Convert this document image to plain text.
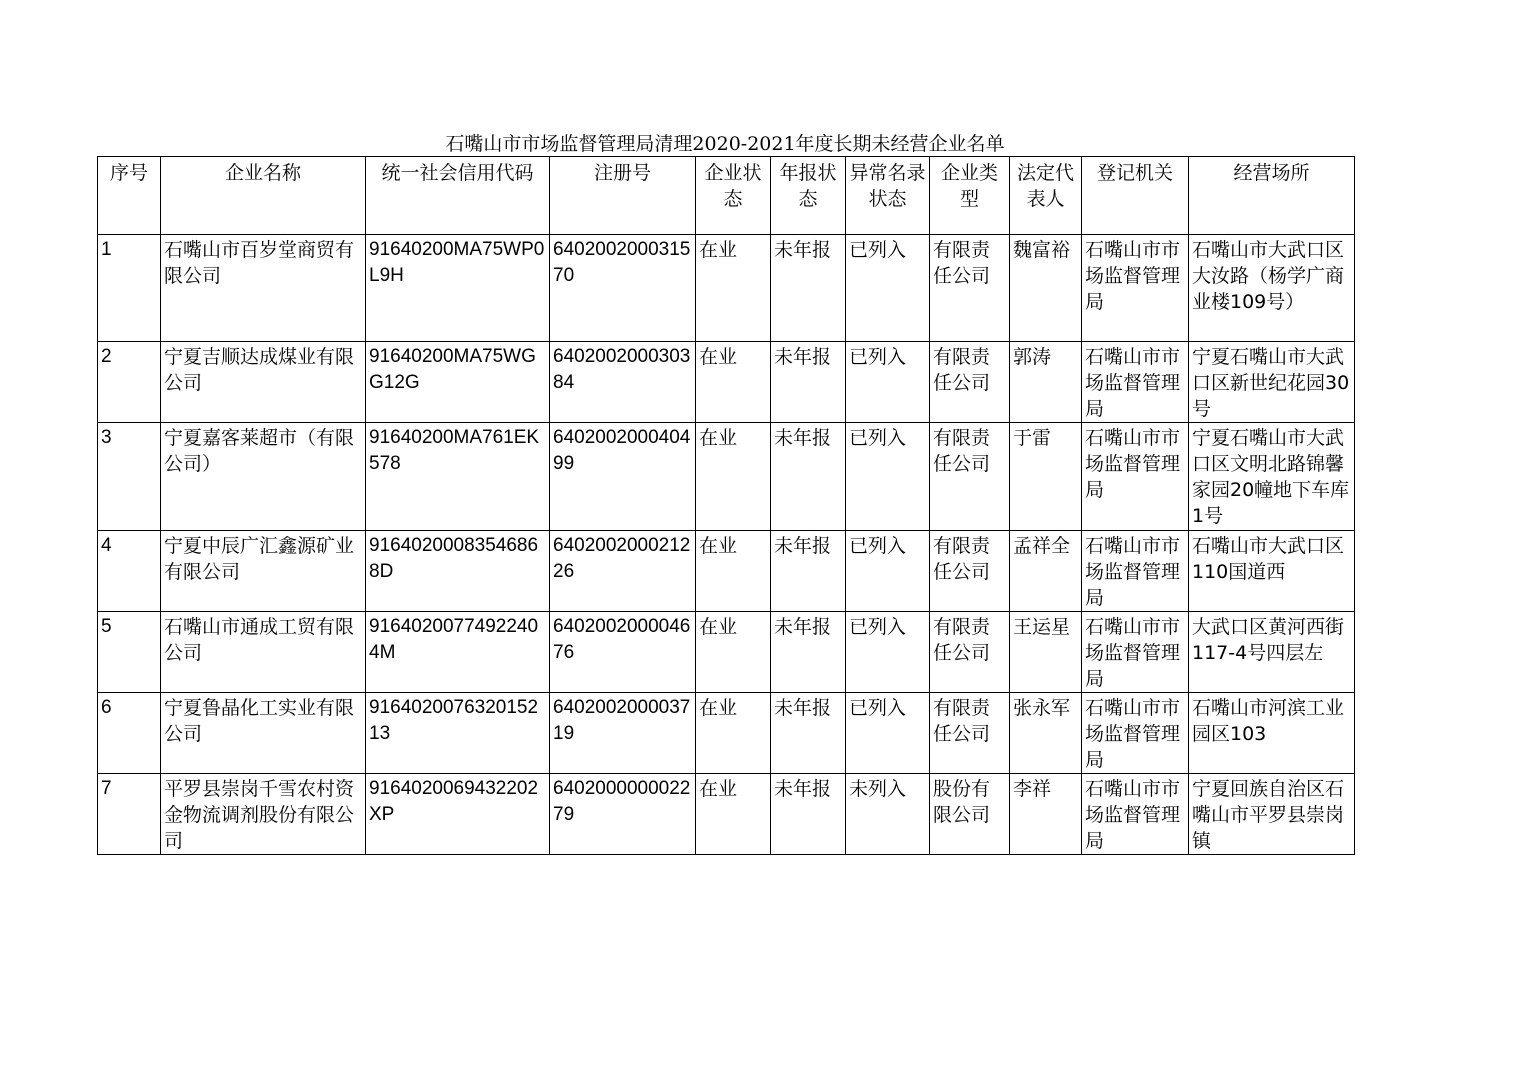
石嘴山市市场监督管理局清理2020-2021年度长期未经营企业名单
序号	企业名称	统一社会信用代码	注册号	企业状态	年报状态	异常名录状态	企业类型	法定代表人	登记机关	经营场所
1	石嘴山市百岁堂商贸有限公司	91640200MA75WP0L9H	640200200031570	在业	未年报	已列入	有限责任公司	魏富裕	石嘴山市市场监督管理局	石嘴山市大武口区大汝路（杨学广商业楼109号）
2	宁夏吉顺达成煤业有限公司	91640200MA75WGG12G	640200200030384	在业	未年报	已列入	有限责任公司	郭涛	石嘴山市市场监督管理局	宁夏石嘴山市大武口区新世纪花园30号
3	宁夏嘉客莱超市（有限公司）	91640200MA761EK578	640200200040499	在业	未年报	已列入	有限责任公司	于雷	石嘴山市市场监督管理局	宁夏石嘴山市大武口区文明北路锦馨家园20幢地下车库1号
4	宁夏中辰广汇鑫源矿业有限公司	91640200083546868D	640200200021226	在业	未年报	已列入	有限责任公司	孟祥全	石嘴山市市场监督管理局	石嘴山市大武口区110国道西
5	石嘴山市通成工贸有限公司	91640200774922404M	640200200004676	在业	未年报	已列入	有限责任公司	王运星	石嘴山市市场监督管理局	大武口区黄河西街117-4号四层左
6	宁夏鲁晶化工实业有限公司	916402007632015213	640200200003719	在业	未年报	已列入	有限责任公司	张永军	石嘴山市市场监督管理局	石嘴山市河滨工业园区103
7	平罗县崇岗千雪农村资金物流调剂股份有限公司	9164020069432202XP	640200000002279	在业	未年报	未列入	股份有限公司	李祥	石嘴山市市场监督管理局	宁夏回族自治区石嘴山市平罗县崇岗镇
